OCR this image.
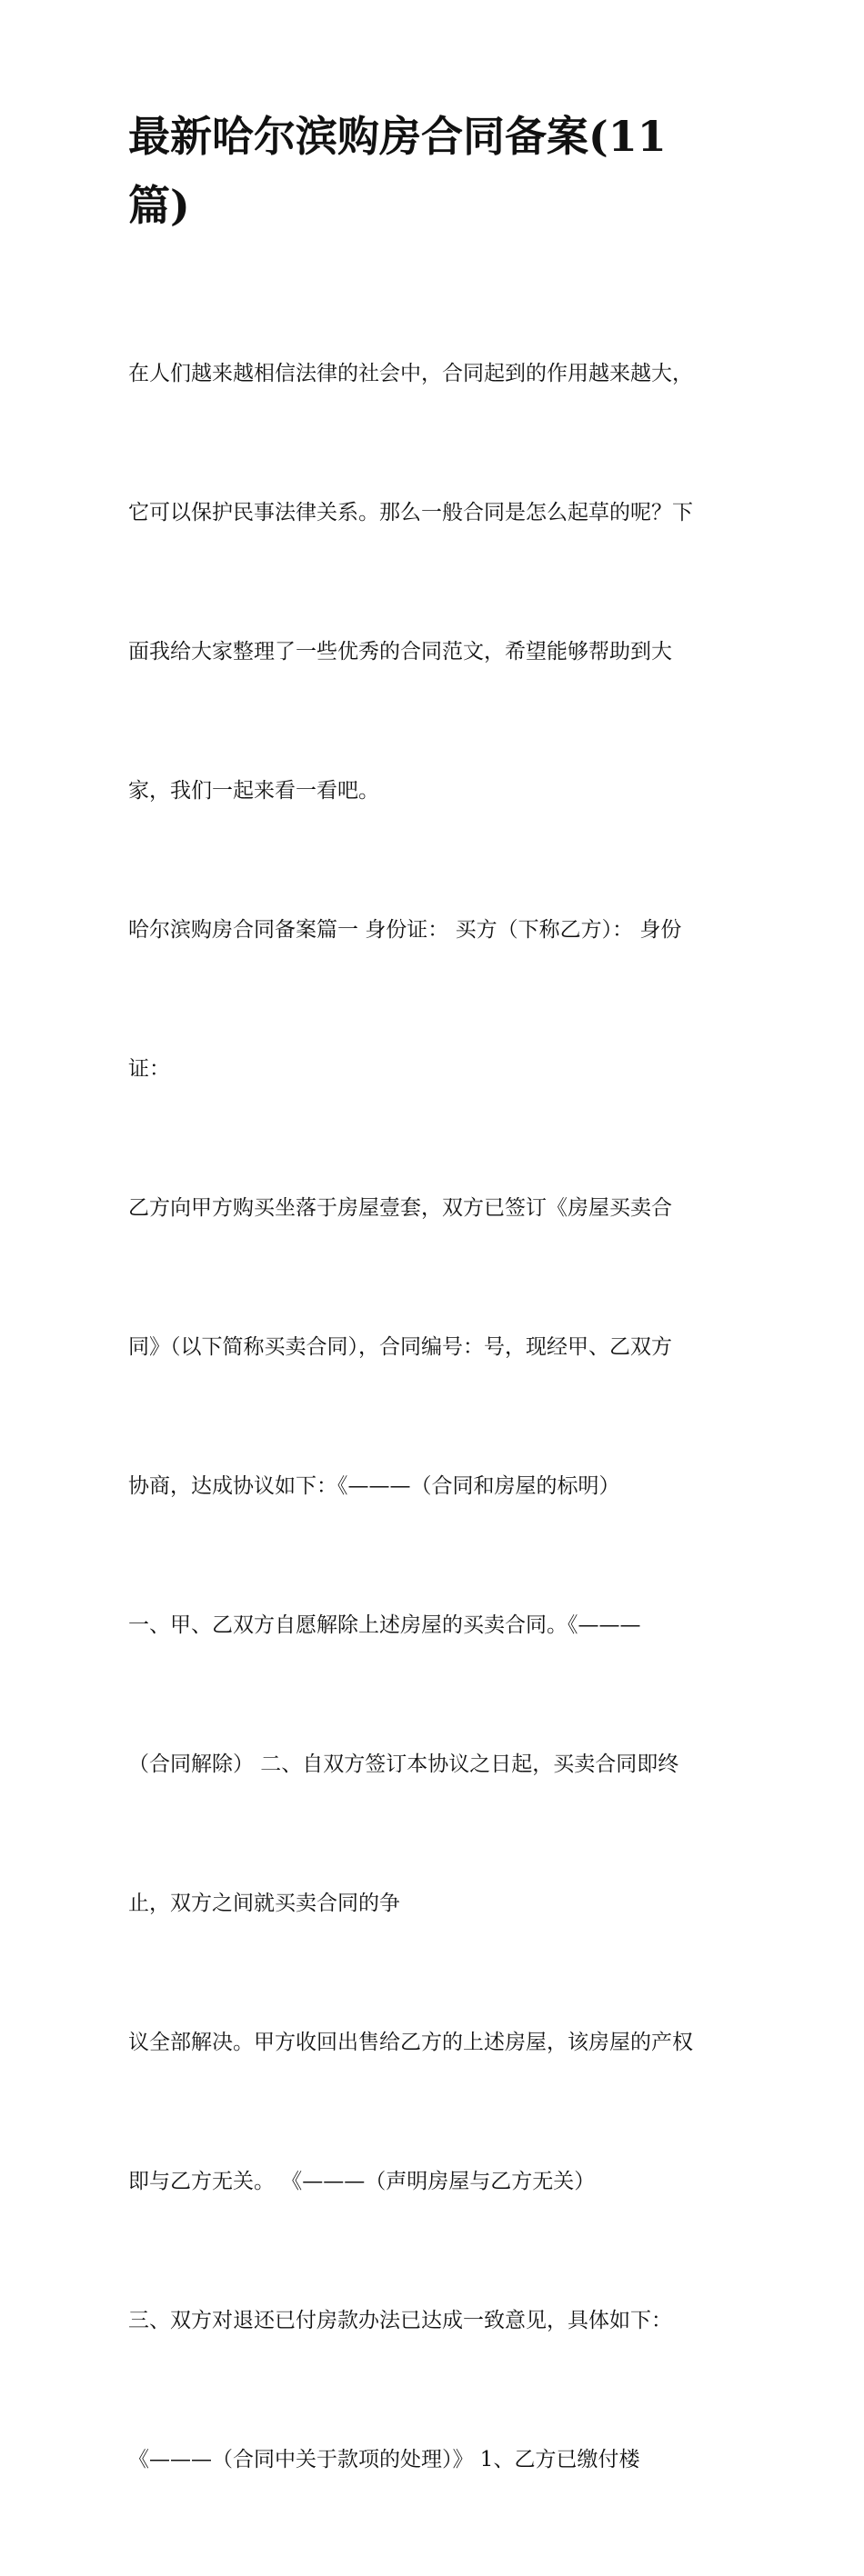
最新哈尔滨购房合同备案(11
篇)

在人们越来越相信法律的社会中，合同起到的作用越来越大，

它可以保护民事法律关系。那么一般合同是怎么起草的呢？下

面我给大家整理了一些优秀的合同范文，希望能够帮助到大

家，我们一起来看一看吧。

哈尔滨购房合同备案篇一 身份证： 买方（下称乙方）： 身份

证：

乙方向甲方购买坐落于房屋壹套，双方已签订《房屋买卖合

同》（以下简称买卖合同），合同编号：号，现经甲、乙双方

协商，达成协议如下：《———（合同和房屋的标明）

一、甲、乙双方自愿解除上述房屋的买卖合同。《———

（合同解除） 二、自双方签订本协议之日起，买卖合同即终

止，双方之间就买卖合同的争

议全部解决。甲方收回出售给乙方的上述房屋，该房屋的产权

即与乙方无关。 《———（声明房屋与乙方无关）

三、双方对退还已付房款办法已达成一致意见，具体如下：

《———（合同中关于款项的处理）》 1、乙方已缴付楼
